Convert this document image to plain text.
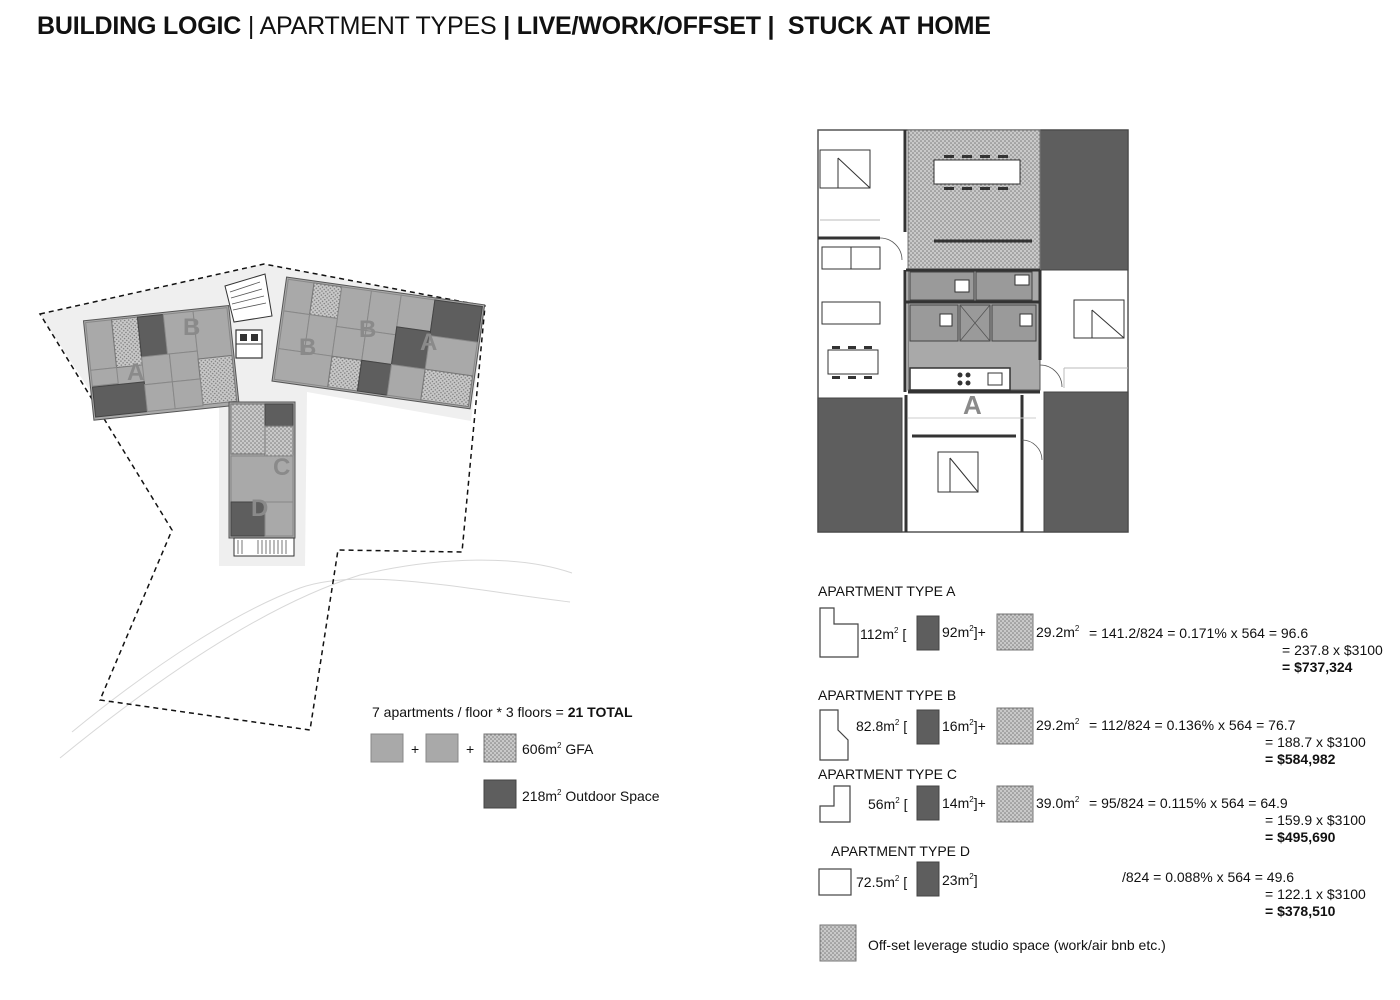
BUILDING LOGIC | APARTMENT TYPES | LIVE/WORK/OFFSET | STUCK AT HOME
A
B
B
B A
C
D
7 apartments / floor * 3 floors = 21 TOTAL
+	+	$606m^2$ GFA
$218m^2$ Outdoor Space
A
APARTMENT TYPE A
$112m^2$ [	$92m^2]+$	$29.2m^2 = 141.2/824 = 0.171\%$ x 564 = 96.6
= 237.8 x $3100
= $737,324
APARTMENT TYPE B
$82.8m^2$ [ $16m^2]+$	$29.2m^2 = 112/824 = 0.136\%$ x 564 = 76.7
= 188.7 x $3100
= $584,982
APARTMENT TYPE C
$56m^2$ [ $14m^2]+$	$39.0m^2 = 95/824 = 0.115\%$ x 564 = 64.9
= 159.9 x $3100
= $495,690
APARTMENT TYPE D
$72.5m^2$ [ $23m^2$]	/824 = 0.088% x 564 = 49.6
= 122.1 x $3100
= $378,510
Off-set leverage studio space (work/air bnb etc.)
